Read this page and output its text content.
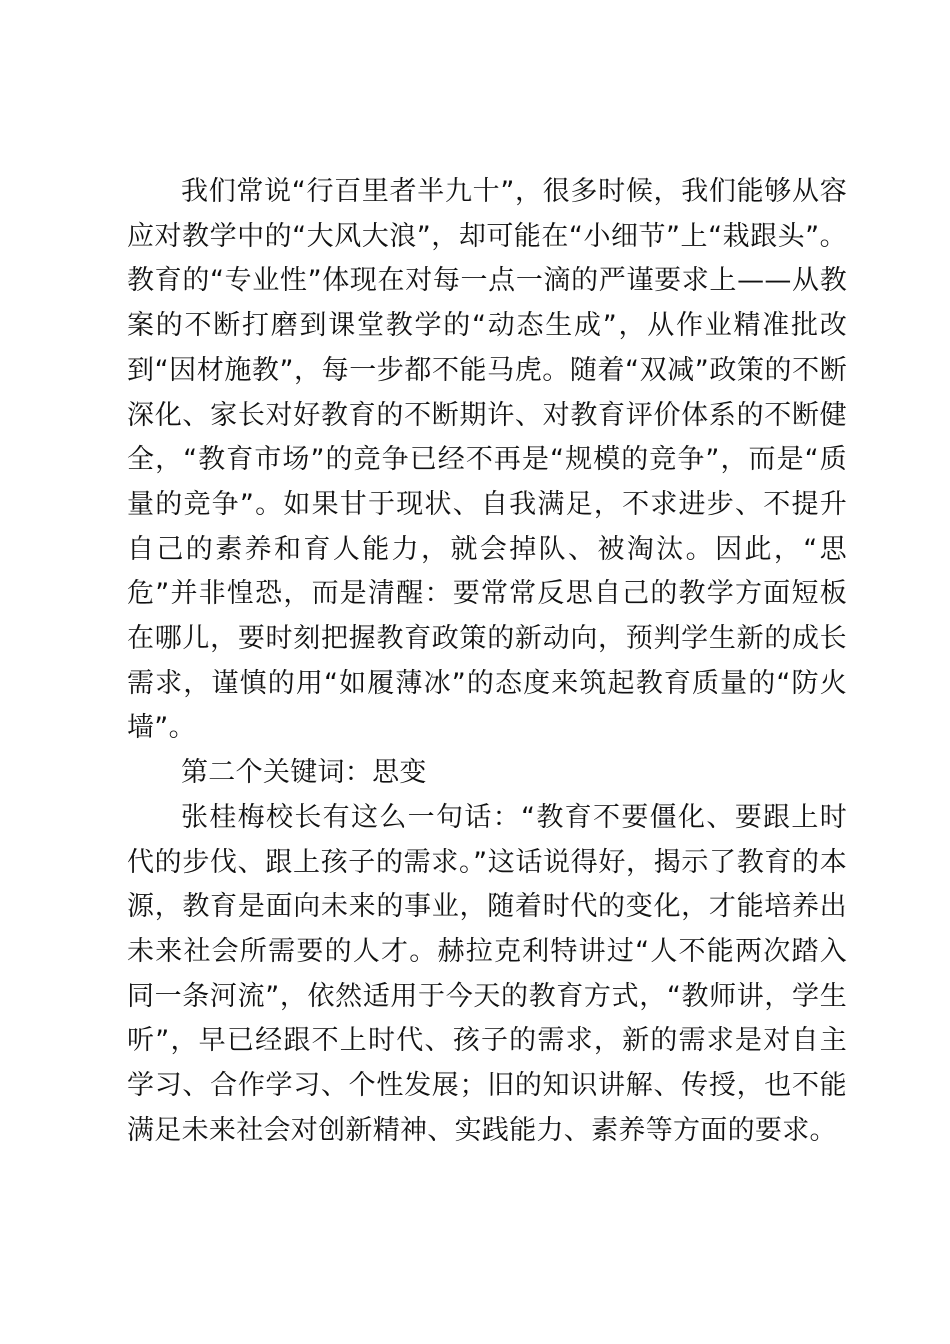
我们常说“行百里者半九十”，很多时候，我们能够从容应对教学中的“大风大浪”，却可能在“小细节”上“栽跟头”。教育的“专业性”体现在对每一点一滴的严谨要求上——从教案的不断打磨到课堂教学的“动态生成”，从作业精准批改到“因材施教”，每一步都不能马虎。随着“双减”政策的不断深化、家长对好教育的不断期许、对教育评价体系的不断健全，“教育市场”的竞争已经不再是“规模的竞争”，而是“质量的竞争”。如果甘于现状、自我满足，不求进步、不提升自己的素养和育人能力，就会掉队、被淘汰。因此，“思危”并非惶恐，而是清醒：要常常反思自己的教学方面短板在哪儿，要时刻把握教育政策的新动向，预判学生新的成长需求，谨慎的用“如履薄冰”的态度来筑起教育质量的“防火墙”。

第二个关键词：思变

张桂梅校长有这么一句话：“教育不要僵化、要跟上时代的步伐、跟上孩子的需求。”这话说得好，揭示了教育的本源，教育是面向未来的事业，随着时代的变化，才能培养出未来社会所需要的人才。赫拉克利特讲过“人不能两次踏入同一条河流”，依然适用于今天的教育方式，“教师讲，学生听”，早已经跟不上时代、孩子的需求，新的需求是对自主学习、合作学习、个性发展；旧的知识讲解、传授，也不能满足未来社会对创新精神、实践能力、素养等方面的要求。
